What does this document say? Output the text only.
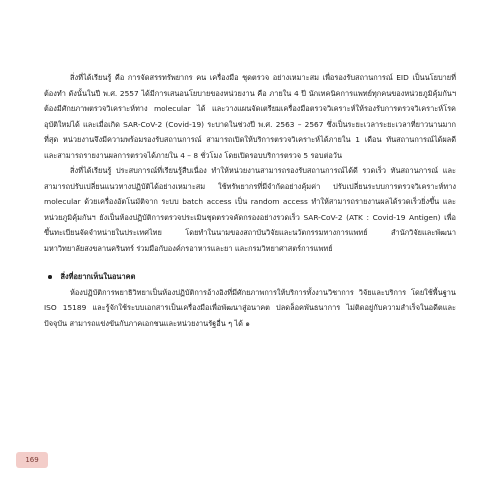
สิ่งที่ได้เรียนรู้ คือ การจัดสรรทรัพยากร คน เครื่องมือ ชุดตรวจ อย่างเหมาะสม เพื่อรองรับสถานการณ์ EID เป็นนโยบายที่ต้องทำ ดังนั้นในปี พ.ศ. 2557 ได้มีการเสนอนโยบายของหน่วยงาน คือ ภายใน 4 ปี นักเทคนิคการแพทย์ทุกคนของหน่วยภูมิคุ้มกันฯ ต้องมีศักยภาพตรวจวิเคราะห์ทาง molecular ได้ และวางแผนจัดเตรียมเครื่องมือตรวจวิเคราะห์ให้รองรับการตรวจวิเคราะห์โรคอุบัติใหม่ได้ และเมื่อเกิด SAR-CoV-2 (Covid-19) ระบาดในช่วงปี พ.ศ. 2563 – 2567 ซึ่งเป็นระยะเวลาระยะเวลาที่ยาวนานมากที่สุด หน่วยงานจึงมีความพร้อมรองรับสถานการณ์ สามารถเปิดให้บริการตรวจวิเคราะห์ได้ภายใน 1 เดือน ทันสถานการณ์ได้ผลดี และสามารถรายงานผลการตรวจได้ภายใน 4 – 8 ชั่วโมง โดยเปิดรอบบริการตรวจ 5 รอบต่อวัน

สิ่งที่ได้เรียนรู้ ประสบการณ์ที่เรียนรู้สืบเนื่อง ทำให้หน่วยงานสามารถรองรับสถานการณ์ได้ดี รวดเร็ว ทันสถานการณ์ และสามารถปรับเปลี่ยนแนวทางปฏิบัติได้อย่างเหมาะสม ใช้ทรัพยากรที่มีจำกัดอย่างคุ้มค่า ปรับเปลี่ยนระบบการตรวจวิเคราะห์ทาง molecular ด้วยเครื่องอัตโนมัติจาก ระบบ batch access เป็น random access ทำให้สามารถรายงานผลได้รวดเร็วยิ่งขึ้น และหน่วยภูมิคุ้มกันฯ ยังเป็นห้องปฏิบัติการตรวจประเมินชุดตรวจคัดกรองอย่างรวดเร็ว SAR-CoV-2 (ATK : Covid-19 Antigen) เพื่อขึ้นทะเบียนจัดจำหน่ายในประเทศไทย โดยทำในนามของสถาบันวิจัยและนวัตกรรมทางการแพทย์ สำนักวิจัยและพัฒนา มหาวิทยาลัยสงขลานครินทร์ ร่วมมือกับองค์กรอาหารและยา และกรมวิทยาศาสตร์การแพทย์

สิ่งที่อยากเห็นในอนาคต

ห้องปฏิบัติการพยาธิวิทยาเป็นห้องปฏิบัติการอ้างอิงที่มีศักยภาพการให้บริการทั้งงานวิชาการ วิจัยและบริการ โดยใช้พื้นฐาน ISO 15189 และรู้จักใช้ระบบเอกสารเป็นเครื่องมือเพื่อพัฒนาสู่อนาคต ปลดล็อคพันธนาการ ไม่ติดอยู่กับความสำเร็จในอดีตและปัจจุบัน สามารถแข่งขันกับภาคเอกชนและหน่วยงานรัฐอื่น ๆ ได้ ๑

169
